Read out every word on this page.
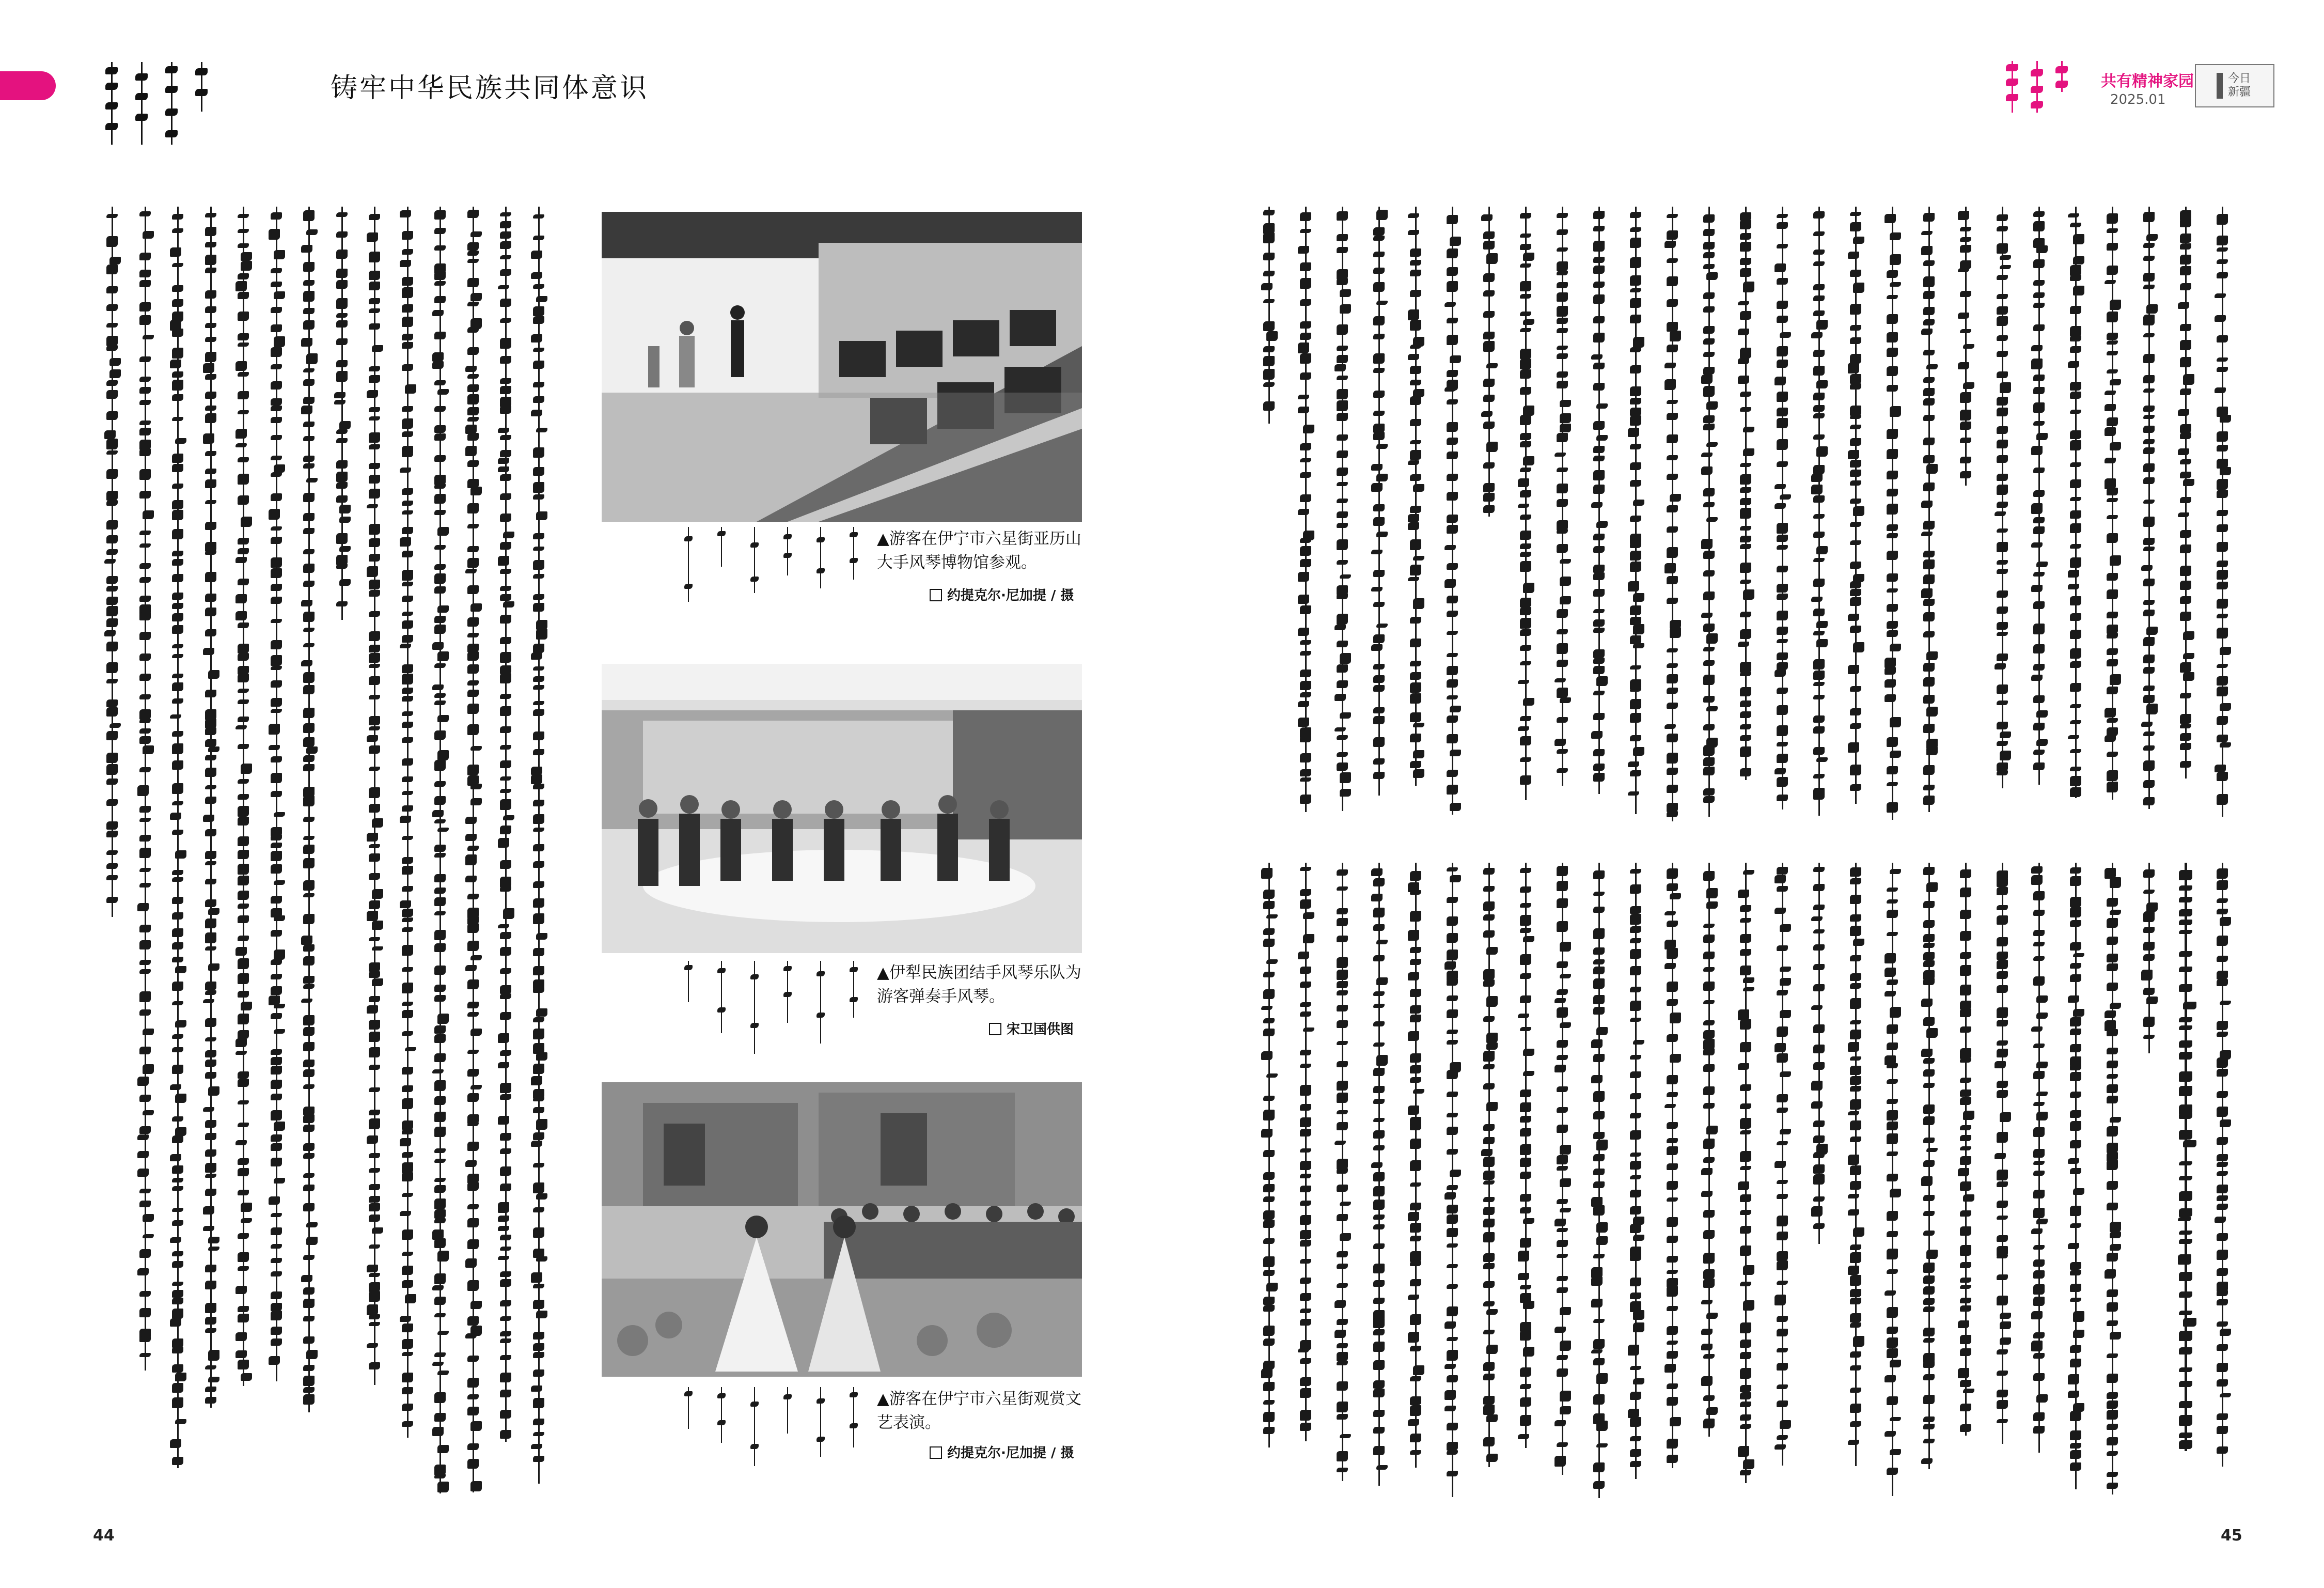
铸牢中华民族共同体意识	共有精神家园
2025.01
今日新疆
▲游客在伊宁市六星街亚历山大手风琴博物馆参观。
约提克尔·尼加提 / 摄
▲伊犁民族团结手风琴乐队为游客弹奏手风琴。
宋卫国供图
▲游客在伊宁市六星街观赏文艺表演。
约提克尔·尼加提 / 摄
44	45
